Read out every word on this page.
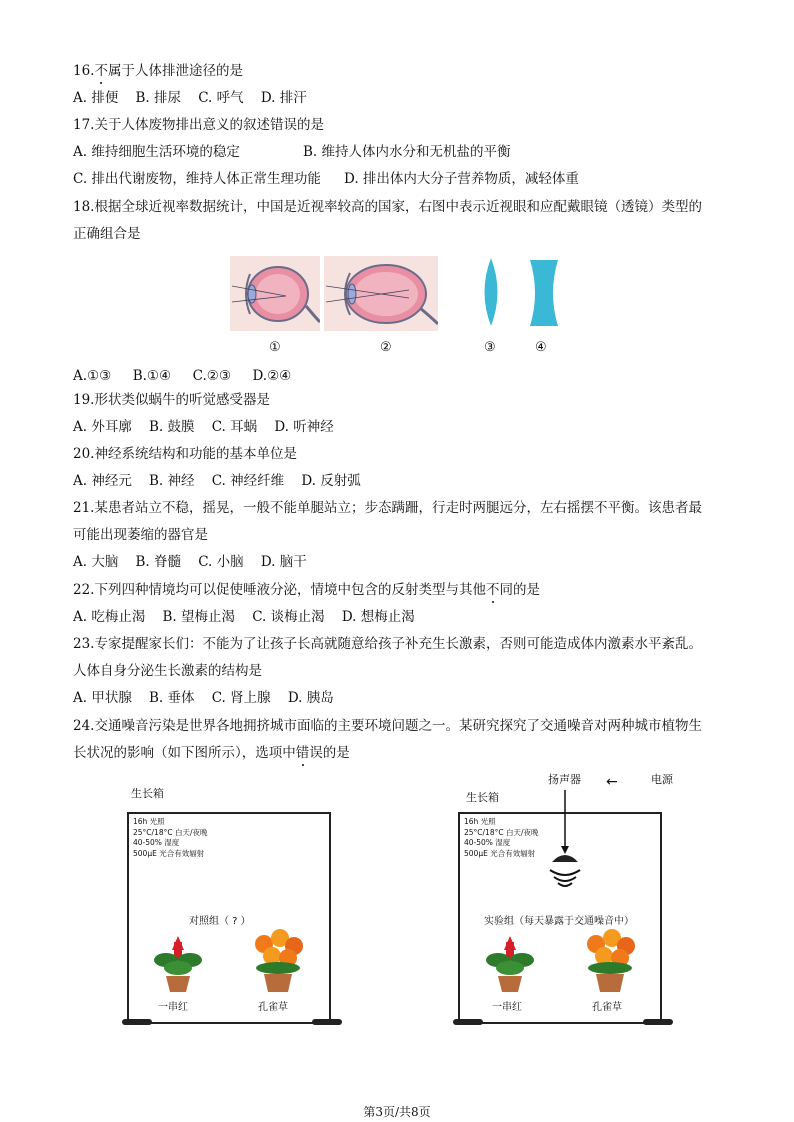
16.不属于人体排泄途径的是
A. 排便 B. 排尿 C. 呼气 D. 排汗
17.关于人体废物排出意义的叙述错误的是
A. 维持细胞生活环境的稳定	B. 维持人体内水分和无机盐的平衡
C. 排出代谢废物，维持人体正常生理功能 D. 排出体内大分子营养物质，减轻体重
18.根据全球近视率数据统计，中国是近视率较高的国家，右图中表示近视眼和应配戴眼镜（透镜）类型的
正确组合是
①	②	③	④
A.①③ B.①④ C.②③ D.②④
19.形状类似蜗牛的听觉感受器是
A. 外耳廓 B. 鼓膜 C. 耳蜗 D. 听神经
20.神经系统结构和功能的基本单位是
A. 神经元 B. 神经 C. 神经纤维 D. 反射弧
21.某患者站立不稳，摇晃，一般不能单腿站立；步态蹒跚，行走时两腿远分，左右摇摆不平衡。该患者最
可能出现萎缩的器官是
A. 大脑 B. 脊髓 C. 小脑 D. 脑干
22.下列四种情境均可以促使唾液分泌，情境中包含的反射类型与其他不同的是
A. 吃梅止渴 B. 望梅止渴 C. 谈梅止渴 D. 想梅止渴
23.专家提醒家长们：不能为了让孩子长高就随意给孩子补充生长激素，否则可能造成体内激素水平紊乱。
人体自身分泌生长激素的结构是
A. 甲状腺 B. 垂体 C. 肾上腺 D. 胰岛
24.交通噪音污染是世界各地拥挤城市面临的主要环境问题之一。某研究探究了交通噪音对两种城市植物生
长状况的影响（如下图所示），选项中错误的是
扬声器 ←	电源
生长箱	生长箱
16h 光照
25°C/18°C 白天/夜晚
40-50% 湿度
500μE 光合有效辐射
对照组（ ? ）
16h 光照
25°C/18°C 白天/夜晚
40-50% 湿度
500μE 光合有效辐射
实验组（每天暴露于交通噪音中）
一串红	孔雀草	一串红	孔雀草
第3页/共8页
